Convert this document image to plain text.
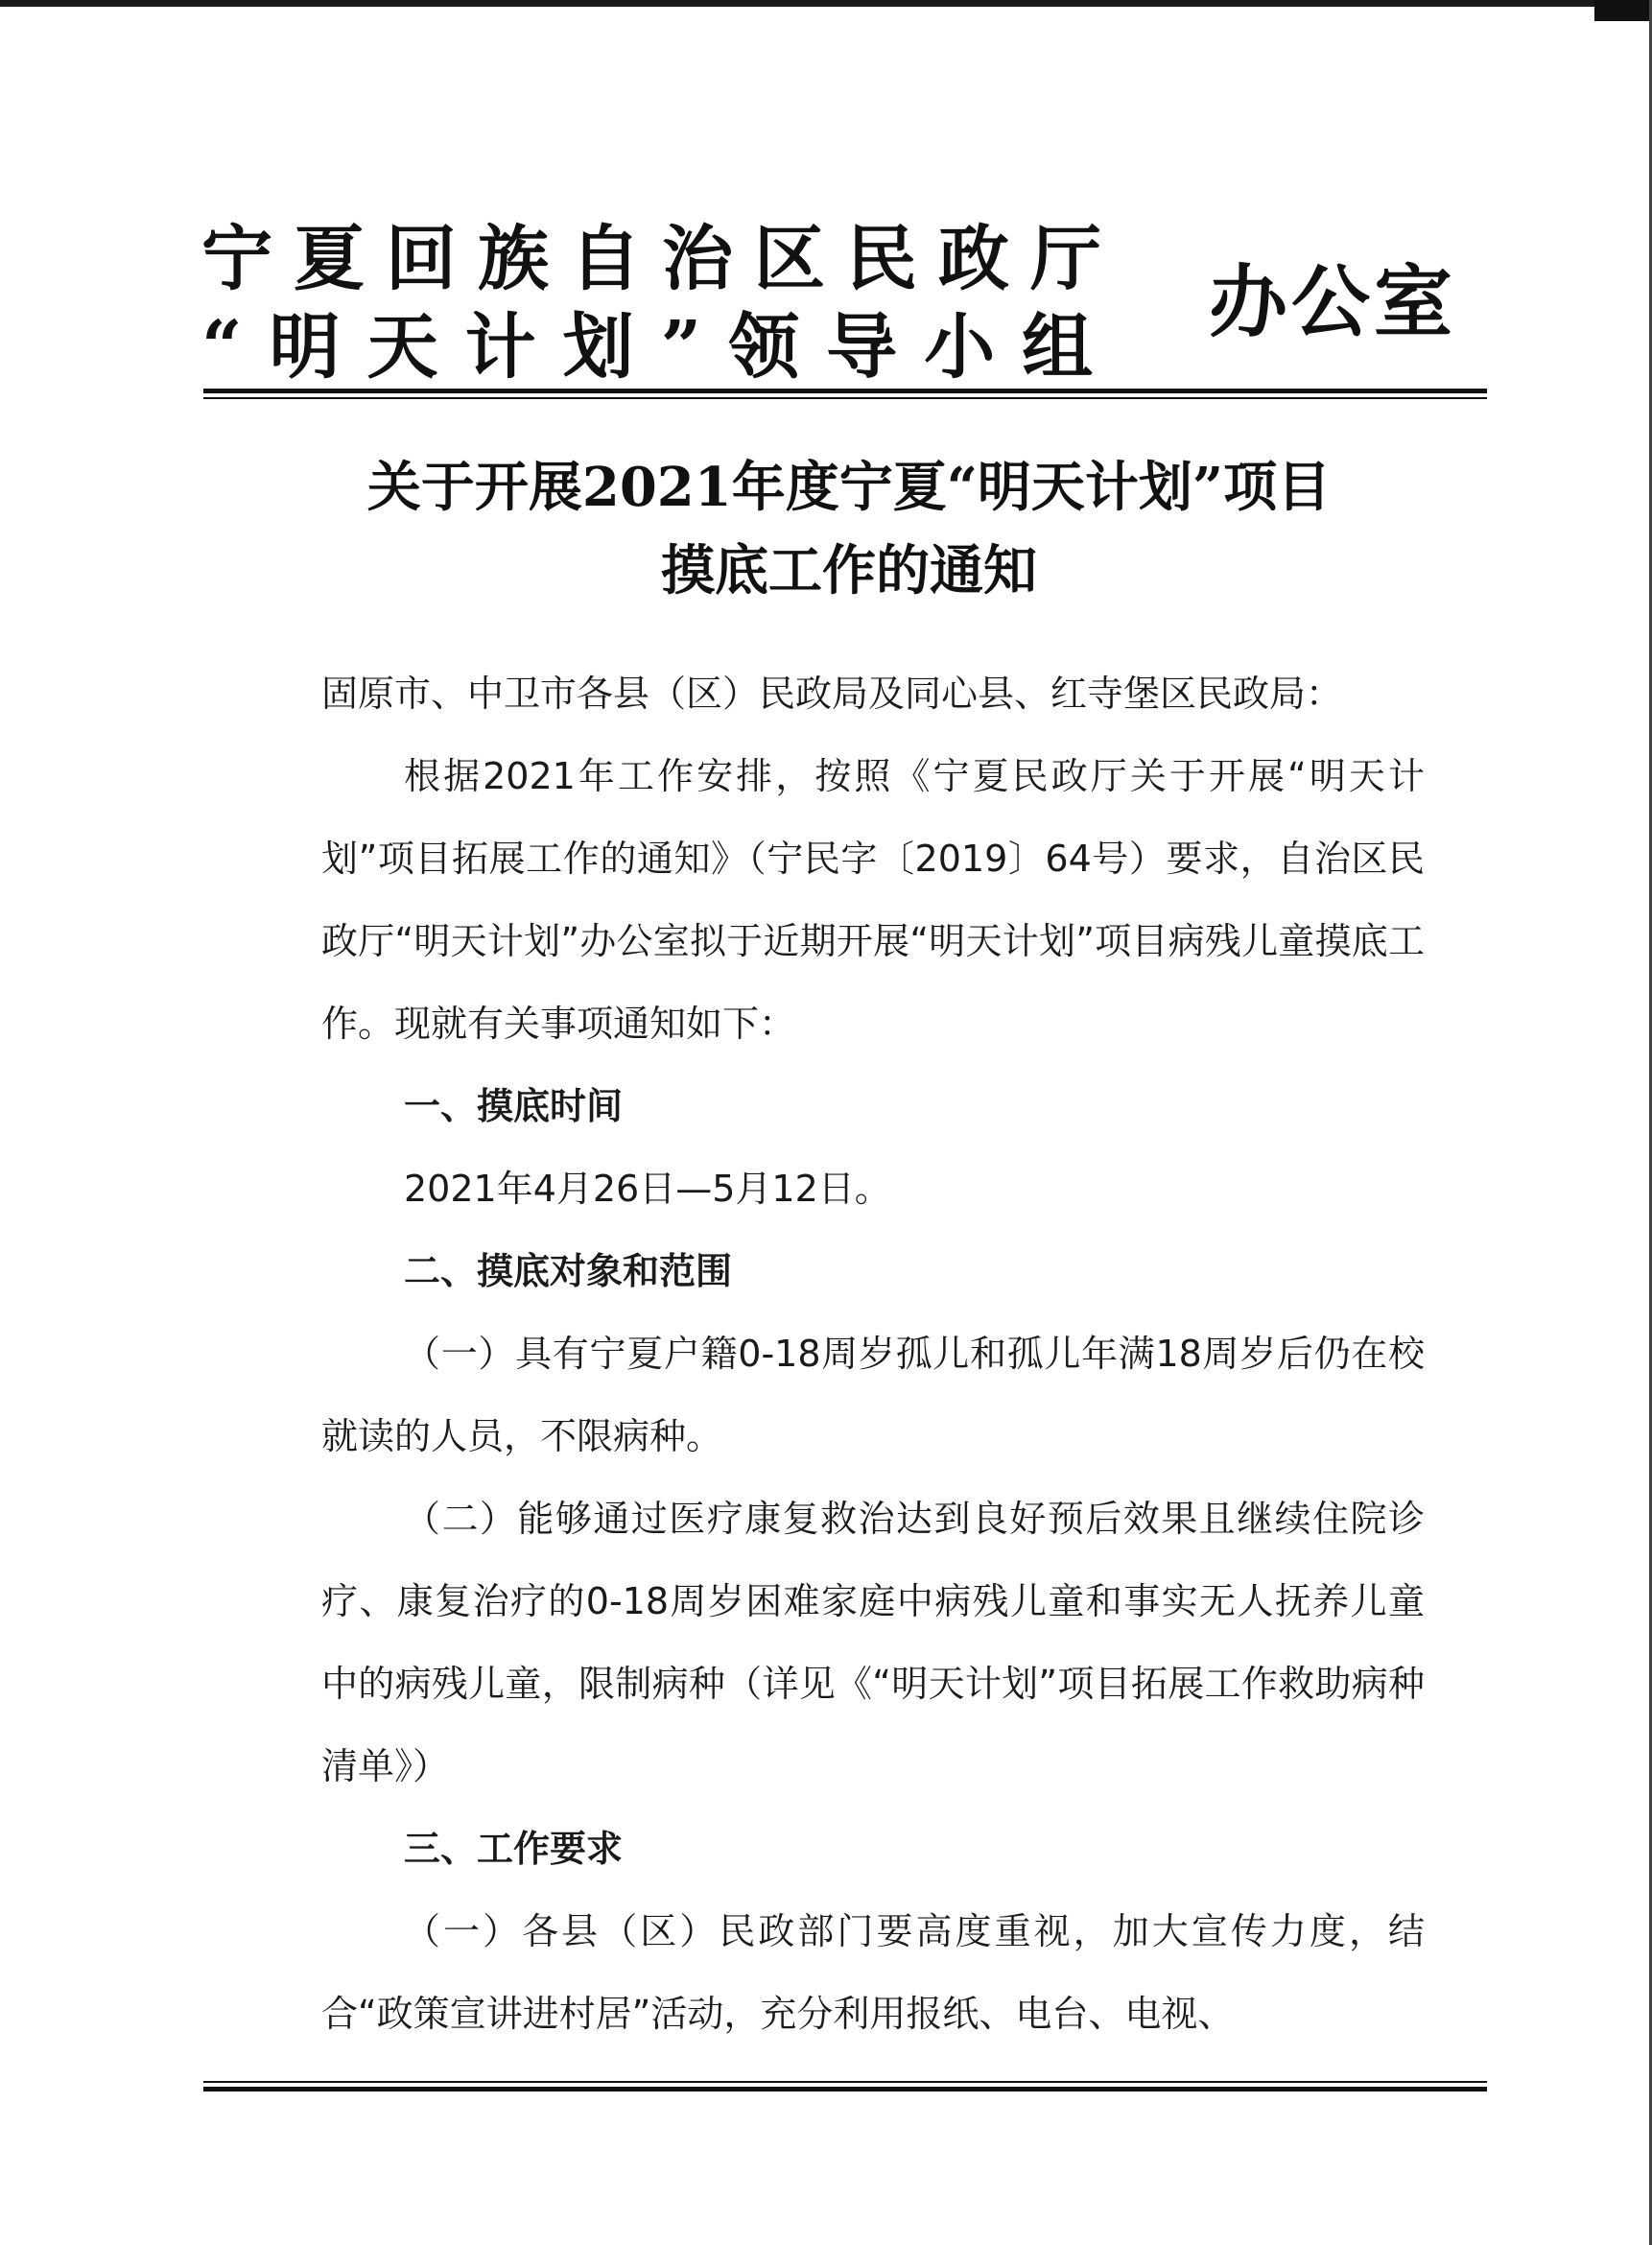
宁夏回族自治区民政厅
“明天计划”领导小组 办公室
关于开展2021年度宁夏“明天计划”项目
摸底工作的通知

固原市、中卫市各县（区）民政局及同心县、红寺堡区民政局：

根据2021年工作安排，按照《宁夏民政厅关于开展“明天计划”项目拓展工作的通知》（宁民字〔2019〕64号）要求，自治区民政厅“明天计划”办公室拟于近期开展“明天计划”项目病残儿童摸底工作。现就有关事项通知如下：

一、摸底时间

2021年4月26日—5月12日。

二、摸底对象和范围

（一）具有宁夏户籍0-18周岁孤儿和孤儿年满18周岁后仍在校就读的人员，不限病种。

（二）能够通过医疗康复救治达到良好预后效果且继续住院诊疗、康复治疗的0-18周岁困难家庭中病残儿童和事实无人抚养儿童中的病残儿童，限制病种（详见《“明天计划”项目拓展工作救助病种清单》）

三、工作要求

（一）各县（区）民政部门要高度重视，加大宣传力度，结合“政策宣讲进村居”活动，充分利用报纸、电台、电视、
